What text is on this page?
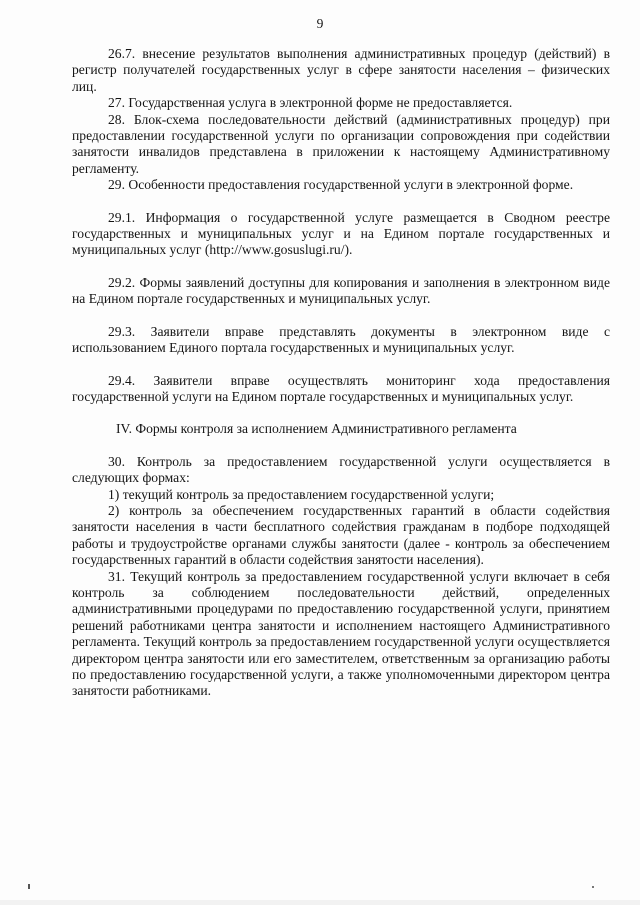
9

26.7. внесение результатов выполнения административных процедур (действий) в регистр получателей государственных услуг в сфере занятости населения – физических лиц.

27. Государственная услуга в электронной форме не предоставляется.

28. Блок-схема последовательности действий (административных процедур) при предоставлении государственной услуги по организации сопровождения при содействии занятости инвалидов представлена в приложении к настоящему Административному регламенту.

29. Особенности предоставления государственной услуги в электронной форме.

29.1. Информация о государственной услуге размещается в Сводном реестре государственных и муниципальных услуг и на Едином портале государственных и муниципальных услуг (http://www.gosuslugi.ru/).

29.2. Формы заявлений доступны для копирования и заполнения в электронном виде на Едином портале государственных и муниципальных услуг.

29.3. Заявители вправе представлять документы в электронном виде с использованием Единого портала государственных и муниципальных услуг.

29.4. Заявители вправе осуществлять мониторинг хода предоставления государственной услуги на Едином портале государственных и муниципальных услуг.

IV. Формы контроля за исполнением Административного регламента

30. Контроль за предоставлением государственной услуги осуществляется в следующих формах:

1) текущий контроль за предоставлением государственной услуги;

2) контроль за обеспечением государственных гарантий в области содействия занятости населения в части бесплатного содействия гражданам в подборе подходящей работы и трудоустройстве органами службы занятости (далее - контроль за обеспечением государственных гарантий в области содействия занятости населения).

31. Текущий контроль за предоставлением государственной услуги включает в себя контроль за соблюдением последовательности действий, определенных административными процедурами по предоставлению государственной услуги, принятием решений работниками центра занятости и исполнением настоящего Административного регламента. Текущий контроль за предоставлением государственной услуги осуществляется директором центра занятости или его заместителем, ответственным за организацию работы по предоставлению государственной услуги, а также уполномоченными директором центра занятости работниками.
